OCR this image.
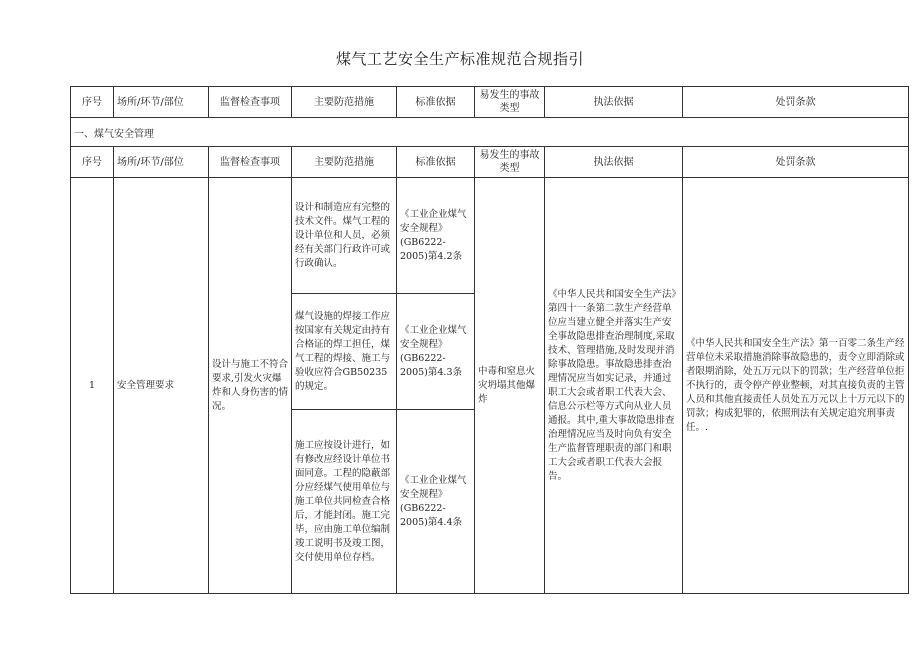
煤气工艺安全生产标准规范合规指引
序号	场所/环节/部位	监督检查事项	主要防范措施	标准依据	易发生的事故类型	执法依据	处罚条款
一、煤气安全管理							
序号	场所/环节/部位	监督检查事项	主要防范措施	标准依据	易发生的事故类型	执法依据	处罚条款
1	安全管理要求	设计与施工不符合要求,引发火灾爆炸和人身伤害的情况。	设计和制造应有完整的技术文件。煤气工程的设计单位和人员，必须经有关部门行政许可或行政确认。	《工业企业煤气安全规程》(GB6222-2005)第4.2条	中毒和窒息火灾坍塌其他爆炸	《中华人民共和国安全生产法》第四十一条第二款生产经营单位应当建立健全并落实生产安全事故隐患排查治理制度,采取技术、管理措施,及时发现并消除事故隐患。事故隐患排查治理情况应当如实记录，并通过职工大会或者职工代表大会、信息公示栏等方式向从业人员通报。其中,重大事故隐患排查治理情况应当及时向负有安全生产监督管理职责的部门和职工大会或者职工代表大会报告。	《中华人民共和国安全生产法》第一百零二条生产经营单位未采取措施消除事故隐患的，责令立即消除或者限期消除，处五万元以下的罚款；生产经营单位拒不执行的，责令停产停业整顿，对其直接负责的主管人员和其他直接责任人员处五万元以上十万元以下的罚款；构成犯罪的，依照刑法有关规定追究刑事责任。.
			煤气设施的焊接工作应按国家有关规定由持有合格证的焊工担任，煤气工程的焊接、施工与验收应符合GB50235的规定。	《工业企业煤气安全规程》(GB6222-2005)第4.3条			
			施工应按设计进行，如有修改应经设计单位书面同意。工程的隐蔽部分应经煤气使用单位与施工单位共同检查合格后，才能封闭。施工完毕，应由施工单位编制竣工说明书及竣工图，交付使用单位存档。	《工业企业煤气安全规程》(GB6222-2005)第4.4条			
